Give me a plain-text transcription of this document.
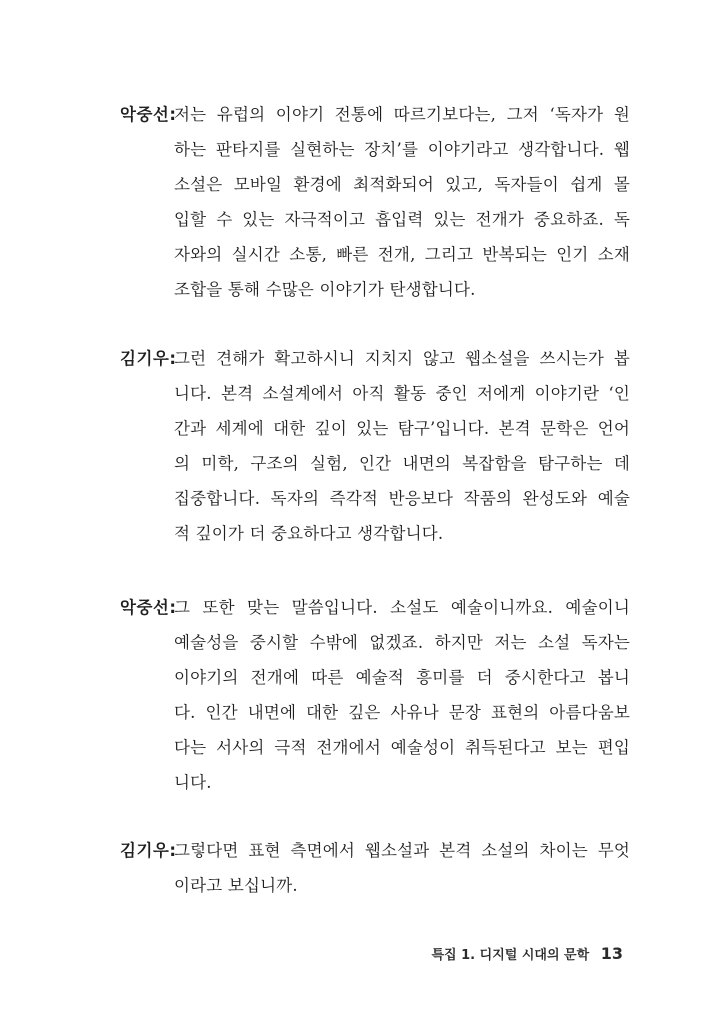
악중선:
저는 유럽의 이야기 전통에 따르기보다는, 그저 ‘독자가 원
하는 판타지를 실현하는 장치’를 이야기라고 생각합니다. 웹
소설은 모바일 환경에 최적화되어 있고, 독자들이 쉽게 몰
입할 수 있는 자극적이고 흡입력 있는 전개가 중요하죠. 독
자와의 실시간 소통, 빠른 전개, 그리고 반복되는 인기 소재
조합을 통해 수많은 이야기가 탄생합니다.
김기우:
그런 견해가 확고하시니 지치지 않고 웹소설을 쓰시는가 봅
니다. 본격 소설계에서 아직 활동 중인 저에게 이야기란 ‘인
간과 세계에 대한 깊이 있는 탐구’입니다. 본격 문학은 언어
의 미학, 구조의 실험, 인간 내면의 복잡함을 탐구하는 데
집중합니다. 독자의 즉각적 반응보다 작품의 완성도와 예술
적 깊이가 더 중요하다고 생각합니다.
악중선:
그 또한 맞는 말씀입니다. 소설도 예술이니까요. 예술이니
예술성을 중시할 수밖에 없겠죠. 하지만 저는 소설 독자는
이야기의 전개에 따른 예술적 흥미를 더 중시한다고 봅니
다. 인간 내면에 대한 깊은 사유나 문장 표현의 아름다움보
다는 서사의 극적 전개에서 예술성이 취득된다고 보는 편입
니다.
김기우:
그렇다면 표현 측면에서 웹소설과 본격 소설의 차이는 무엇
이라고 보십니까.
특집 1. 디지털 시대의 문학 13
